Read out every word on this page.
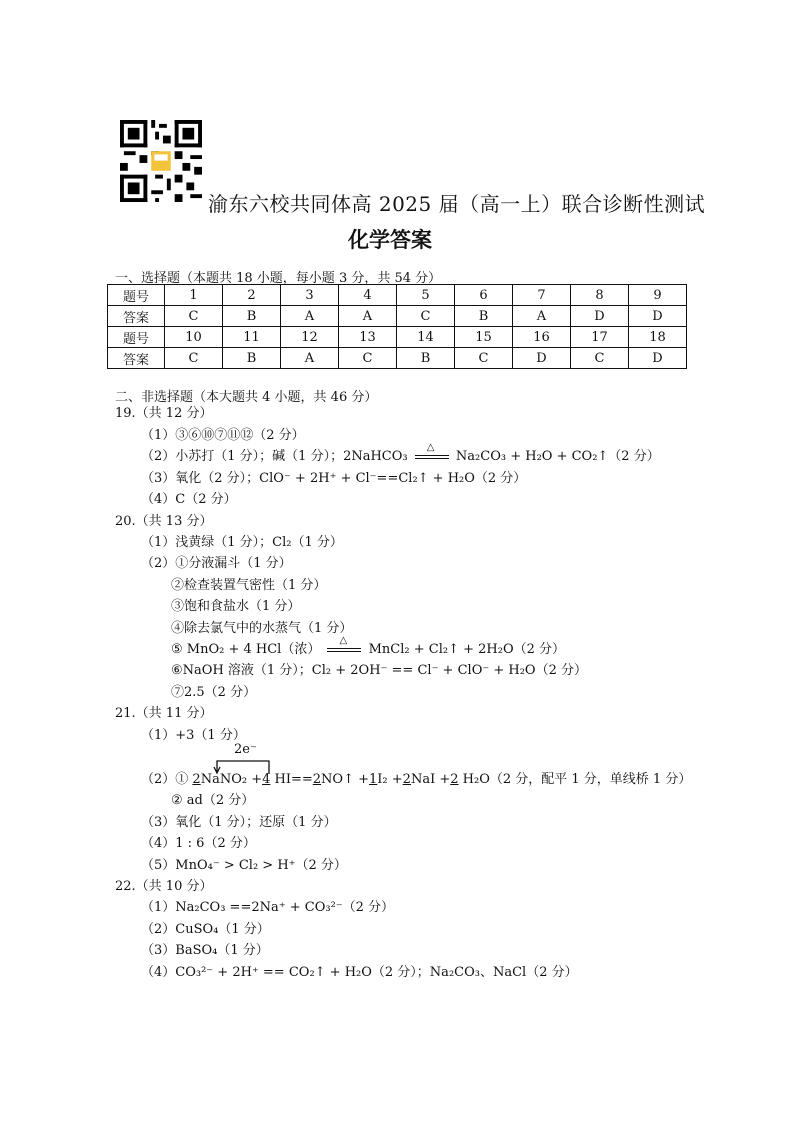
渝东六校共同体高 2025 届（高一上）联合诊断性测试
化学答案
一、选择题（本题共 18 小题，每小题 3 分，共 54 分）
题号	1	2	3	4	5	6	7	8	9
答案	C	B	A	A	C	B	A	D	D
题号	10	11	12	13	14	15	16	17	18
答案	C	B	A	C	B	C	D	C	D
二、非选择题（本大题共 4 小题，共 46 分）
19.（共 12 分）
（1）③⑥⑩⑦⑪⑫（2 分）
（2）小苏打（1 分）；碱（1 分）；2NaHCO₃
△
Na₂CO₃ + H₂O + CO₂↑（2 分）
（3）氧化（2 分）；ClO⁻ + 2H⁺ + Cl⁻==Cl₂↑ + H₂O（2 分）
（4）C（2 分）
20.（共 13 分）
（1）浅黄绿（1 分）；Cl₂（1 分）
（2）①分液漏斗（1 分）
②检查装置气密性（1 分）
③饱和食盐水（1 分）
④除去氯气中的水蒸气（1 分）
⑤ MnO₂ + 4 HCl（浓）
△
MnCl₂ + Cl₂↑ + 2H₂O（2 分）
⑥NaOH 溶液（1 分）；Cl₂ + 2OH⁻ == Cl⁻ + ClO⁻ + H₂O（2 分）
⑦2.5（2 分）
21.（共 11 分）
（1）+3（1 分）
2e⁻
（2）① 2NaNO₂ +4 HI==2NO↑ +1I₂ +2NaI +2 H₂O（2 分，配平 1 分，单线桥 1 分）
② ad（2 分）
（3）氧化（1 分）；还原（1 分）
（4）1 : 6（2 分）
（5）MnO₄⁻ > Cl₂ > H⁺（2 分）
22.（共 10 分）
（1）Na₂CO₃ ==2Na⁺ + CO₃²⁻（2 分）
（2）CuSO₄（1 分）
（3）BaSO₄（1 分）
（4）CO₃²⁻ + 2H⁺ == CO₂↑ + H₂O（2 分）；Na₂CO₃、NaCl（2 分）
